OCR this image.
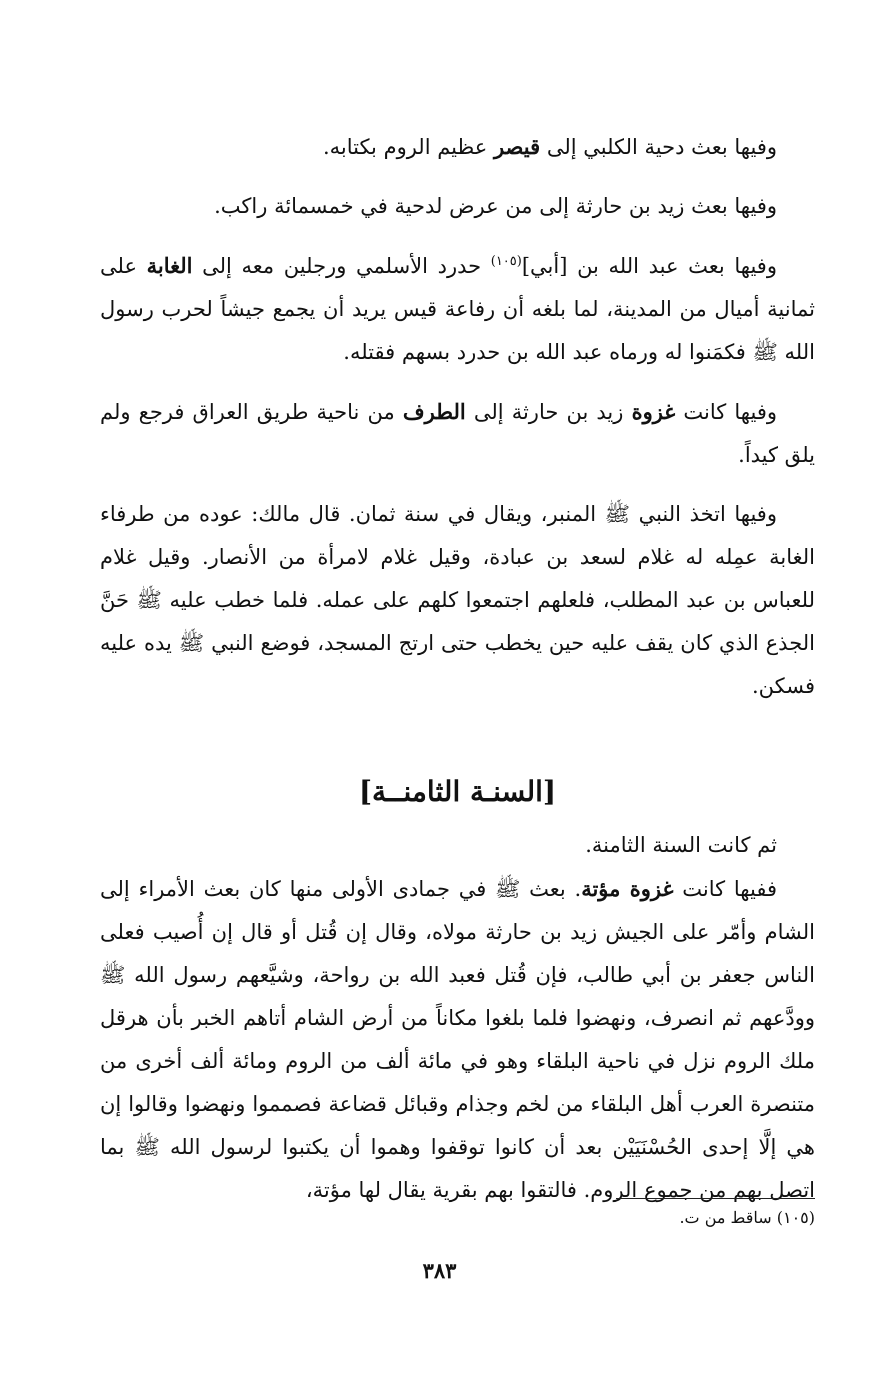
وفيها بعث دحية الكلبي إلى قيصر عظيم الروم بكتابه.

وفيها بعث زيد بن حارثة إلى من عرض لدحية في خمسمائة راكب.

وفيها بعث عبد الله بن [أبي]$^{(١٠٥)}$ حدرد الأسلمي ورجلين معه إلى الغابة على ثمانية أميال من المدينة، لما بلغه أن رفاعة قيس يريد أن يجمع جيشاً لحرب رسول الله ﷺ فكمَنوا له ورماه عبد الله بن حدرد بسهم فقتله.

وفيها كانت غزوة زيد بن حارثة إلى الطرف من ناحية طريق العراق فرجع ولم يلق كيداً.

وفيها اتخذ النبي ﷺ المنبر، ويقال في سنة ثمان. قال مالك: عوده من طرفاء الغابة عمِله له غلام لسعد بن عبادة، وقيل غلام لامرأة من الأنصار. وقيل غلام للعباس بن عبد المطلب، فلعلهم اجتمعوا كلهم على عمله. فلما خطب عليه ﷺ حَنَّ الجذع الذي كان يقف عليه حين يخطب حتى ارتج المسجد، فوضع النبي ﷺ يده عليه فسكن.

[السنـة الثامنــة]

ثم كانت السنة الثامنة.

ففيها كانت غزوة مؤتة. بعث ﷺ في جمادى الأولى منها كان بعث الأمراء إلى الشام وأمّر على الجيش زيد بن حارثة مولاه، وقال إن قُتل أو قال إن أُصيب فعلى الناس جعفر بن أبي طالب، فإن قُتل فعبد الله بن رواحة، وشيَّعهم رسول الله ﷺ وودَّعهم ثم انصرف، ونهضوا فلما بلغوا مكاناً من أرض الشام أتاهم الخبر بأن هرقل ملك الروم نزل في ناحية البلقاء وهو في مائة ألف من الروم ومائة ألف أخرى من متنصرة العرب أهل البلقاء من لخم وجذام وقبائل قضاعة فصمموا ونهضوا وقالوا إن هي إلَّا إحدى الحُسْنَيَيْن بعد أن كانوا توقفوا وهموا أن يكتبوا لرسول الله ﷺ بما اتصل بهم من جموع الروم. فالتقوا بهم بقرية يقال لها مؤتة،

(١٠٥) ساقط من ت.
٣٨٣
